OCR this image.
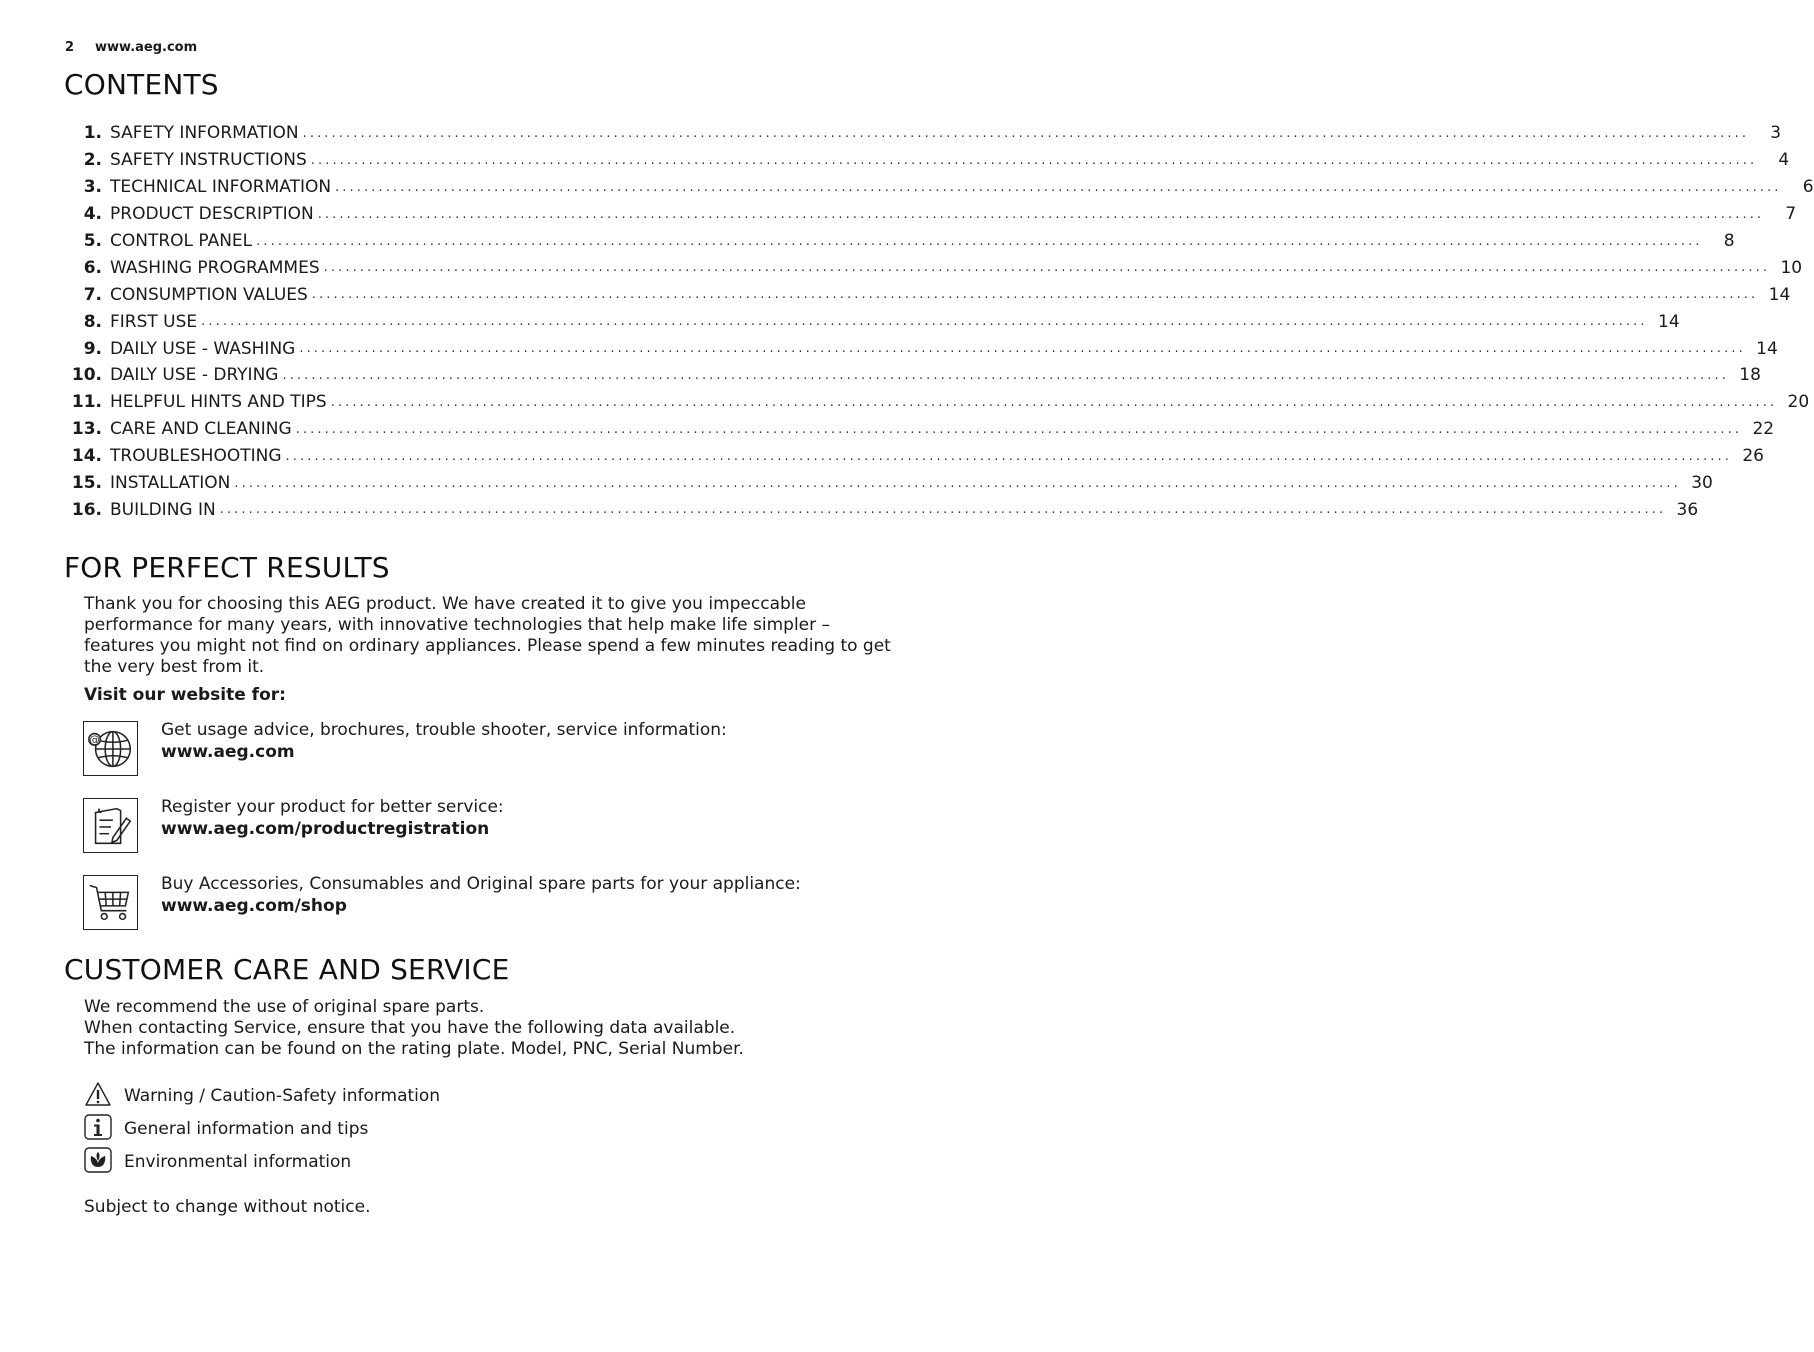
2	www.aeg.com
CONTENTS
1. SAFETY INFORMATION ........................................................................................................................................................................................................	3
2. SAFETY INSTRUCTIONS ........................................................................................................................................................................................................	4
3. TECHNICAL INFORMATION ........................................................................................................................................................................................................	6
4. PRODUCT DESCRIPTION ........................................................................................................................................................................................................	7
5. CONTROL PANEL ........................................................................................................................................................................................................	8
6. WASHING PROGRAMMES ........................................................................................................................................................................................................ 10
7. CONSUMPTION VALUES ........................................................................................................................................................................................................ 14
8. FIRST USE ........................................................................................................................................................................................................ 14
9. DAILY USE - WASHING ........................................................................................................................................................................................................ 14
10. DAILY USE - DRYING ........................................................................................................................................................................................................ 18
11. HELPFUL HINTS AND TIPS ........................................................................................................................................................................................................ 20
13. CARE AND CLEANING ........................................................................................................................................................................................................ 22
14. TROUBLESHOOTING ........................................................................................................................................................................................................ 26
15. INSTALLATION ........................................................................................................................................................................................................ 30
16. BUILDING IN ........................................................................................................................................................................................................ 36
FOR PERFECT RESULTS

Thank you for choosing this AEG product. We have created it to give you impeccable performance for many years, with innovative technologies that help make life simpler – features you might not find on ordinary appliances. Please spend a few minutes reading to get the very best from it.

Visit our website for:

@
Get usage advice, brochures, trouble shooter, service information:
www.aeg.com
Register your product for better service:
www.aeg.com/productregistration
Buy Accessories, Consumables and Original spare parts for your appliance:
www.aeg.com/shop
CUSTOMER CARE AND SERVICE

We recommend the use of original spare parts.

When contacting Service, ensure that you have the following data available.

The information can be found on the rating plate. Model, PNC, Serial Number.

Warning / Caution-Safety information
General information and tips
Environmental information

Subject to change without notice.
